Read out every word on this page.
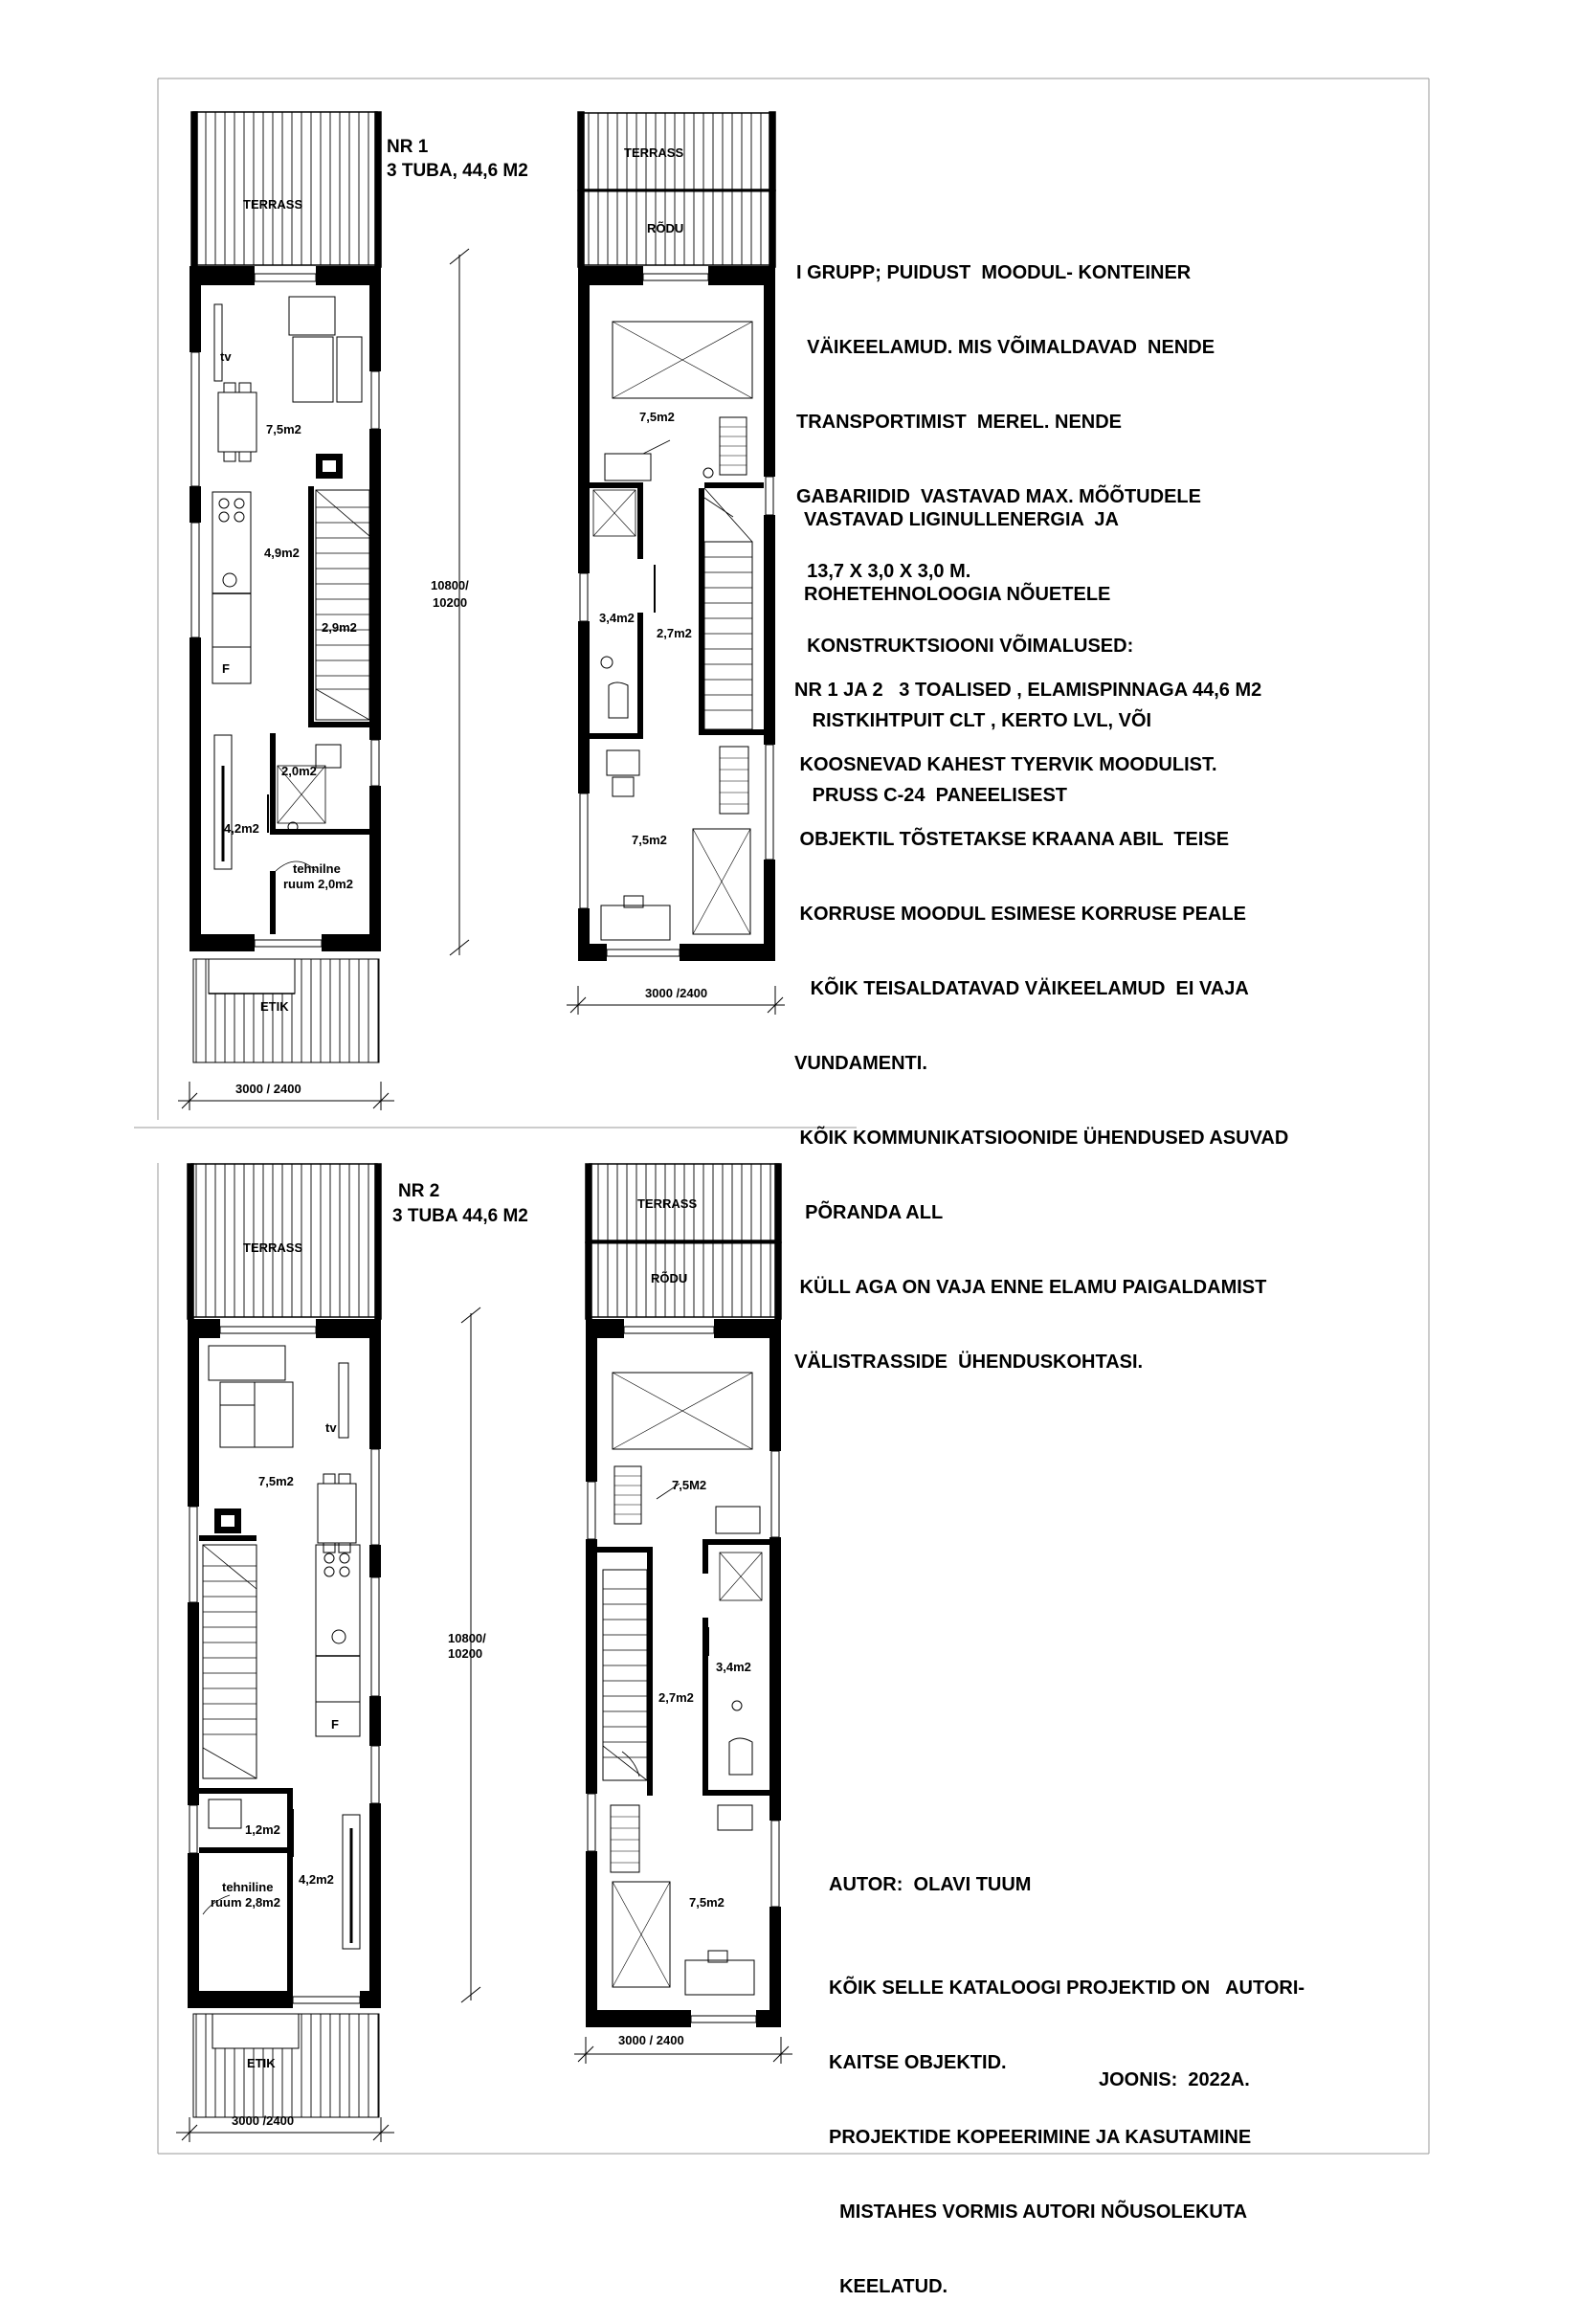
NR 1
3 TUBA, 44,6 M2
TERRASS
tv
7,5m2
4,9m2
2,9m2
F
2,0m2
4,2m2
tehnilne
ruum 2,0m2
ETIK
3000 / 2400
10800/
10200
TERRASS
RÕDU
7,5m2
3,4m2
2,7m2
7,5m2
3000 /2400
NR 2
3 TUBA 44,6 M2
TERRASS
tv
7,5m2
F
1,2m2
tehniline
ruum 2,8m2
4,2m2
ETIK
3000 /2400
10800/
10200
TERRASS
RÕDU
7,5M2
2,7m2
3,4m2
7,5m2
3000 / 2400

I GRUPP; PUIDUST  MOODUL- KONTEINER

VÄIKEELAMUD. MIS VÕIMALDAVAD  NENDE

TRANSPORTIMIST  MEREL. NENDE

GABARIIDID  VASTAVAD MAX. MÕÕTUDELE

13,7 X 3,0 X 3,0 M.

KONSTRUKTSIOONI VÕIMALUSED:

RISTKIHTPUIT CLT , KERTO LVL, VÕI

PRUSS C-24  PANEELISEST

VASTAVAD LIGINULLENERGIA  JA

ROHETEHNOLOOGIA NÕUETELE

NR 1 JA 2   3 TOALISED , ELAMISPINNAGA 44,6 M2

KOOSNEVAD KAHEST TYERVIK MOODULIST.

OBJEKTIL TÕSTETAKSE KRAANA ABIL  TEISE

KORRUSE MOODUL ESIMESE KORRUSE PEALE

KÕIK TEISALDATAVAD VÄIKEELAMUD  EI VAJA

VUNDAMENTI.

KÕIK KOMMUNIKATSIOONIDE ÜHENDUSED ASUVAD

PÕRANDA ALL

KÜLL AGA ON VAJA ENNE ELAMU PAIGALDAMIST

VÄLISTRASSIDE  ÜHENDUSKOHTASI.

AUTOR:  OLAVI TUUM

KÕIK SELLE KATALOOGI PROJEKTID ON   AUTORI-

KAITSE OBJEKTID.

PROJEKTIDE KOPEERIMINE JA KASUTAMINE

MISTAHES VORMIS AUTORI NÕUSOLEKUTA

KEELATUD.

JOONIS:  2022A.
